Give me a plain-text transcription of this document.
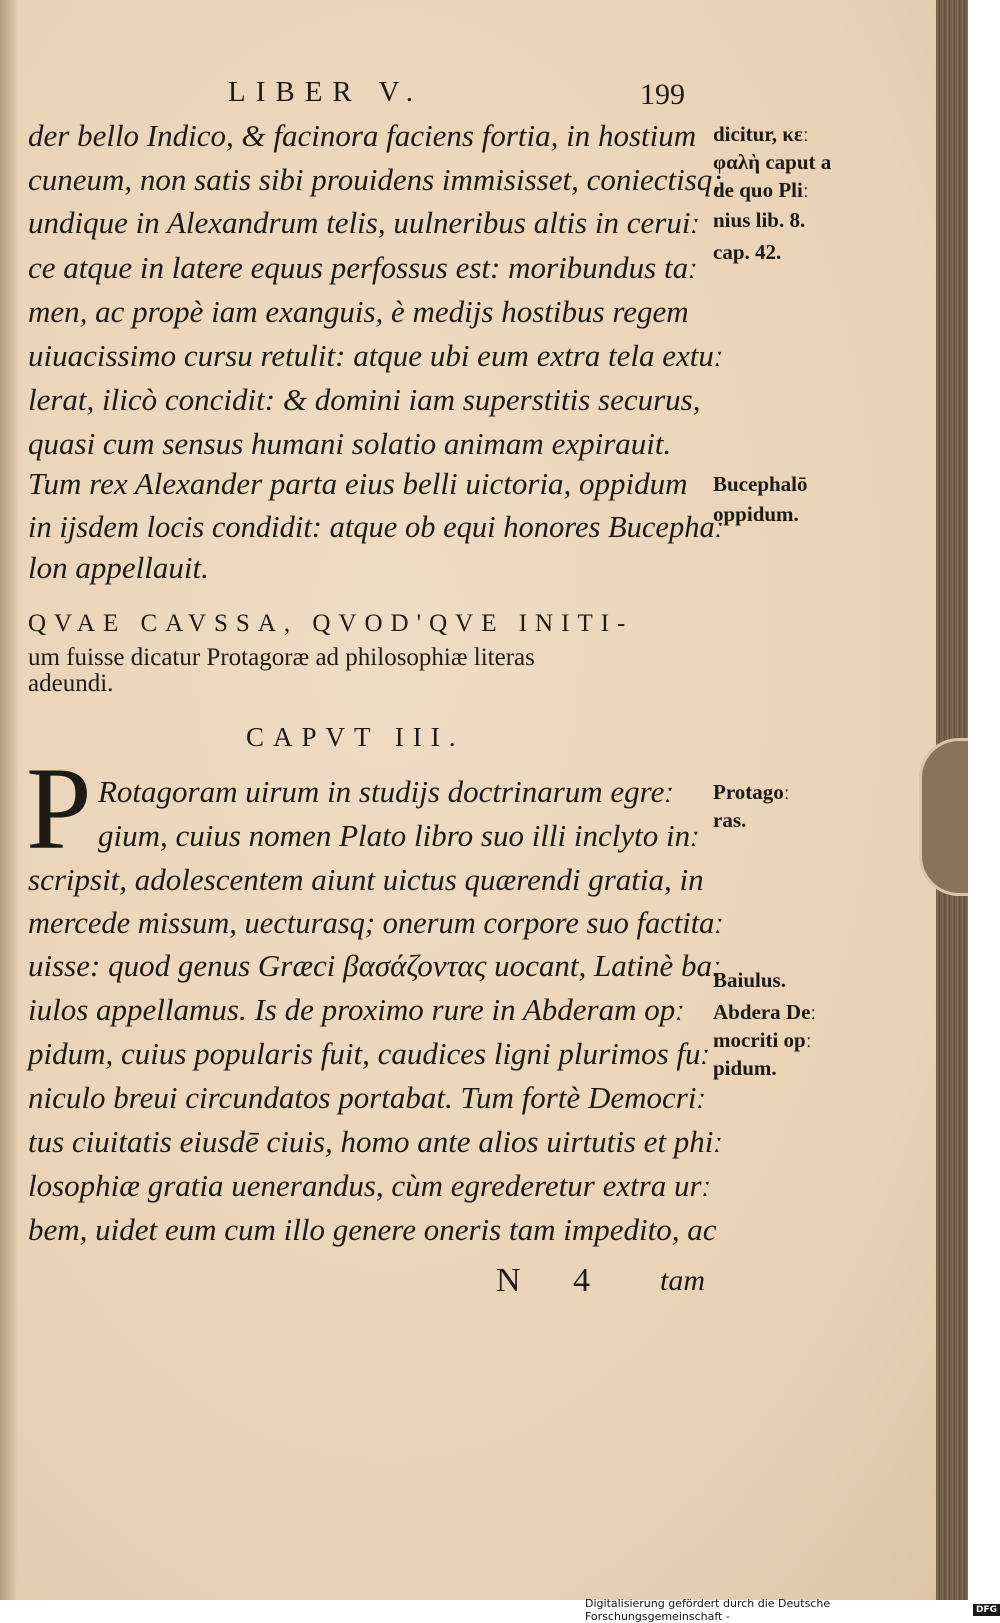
LIBER V.	199
der bello Indico, & facinora faciens fortia, in hostium
cuneum, non satis sibi prouidens immisisset, coniectisq;
undique in Alexandrum telis, uulneribus altis in ceruiː
ce atque in latere equus perfossus est: moribundus taː
men, ac propè iam exanguis, è medijs hostibus regem
uiuacissimo cursu retulit: atque ubi eum extra tela extuː
lerat, ilicò concidit: & domini iam superstitis securus,
quasi cum sensus humani solatio animam expirauit.
Tum rex Alexander parta eius belli uictoria, oppidum
in ijsdem locis condidit: atque ob equi honores Bucephaː
lon appellauit.
QVAE CAVSSA, QVOD'QVE INITI-
um fuisse dicatur Protagoræ ad philosophiæ literas
adeundi.
CAPVT III.
P Rotagoram uirum in studijs doctrinarum egreː
gium, cuius nomen Plato libro suo illi inclyto inː
scripsit, adolescentem aiunt uictus quærendi gratia, in
mercede missum, uecturasq; onerum corpore suo factitaː
uisse: quod genus Græci βασάζοντας uocant, Latinè baː
iulos appellamus. Is de proximo rure in Abderam opː
pidum, cuius popularis fuit, caudices ligni plurimos fuː
niculo breui circundatos portabat. Tum fortè Democriː
tus ciuitatis eiusdē ciuis, homo ante alios uirtutis et phiː
losophiæ gratia uenerandus, cùm egrederetur extra urː
bem, uidet eum cum illo genere oneris tam impedito, ac
N 4 tam
dicitur, κεː
φαλὴ caput a
de quo Pliː
nius lib. 8.
cap. 42.
Bucephalō
oppidum.
Protagoː
ras.
Baiulus.
Abdera Deː
mocriti opː
pidum.
Digitalisierung gefördert durch die Deutsche Forschungsgemeinschaft -	DFG
